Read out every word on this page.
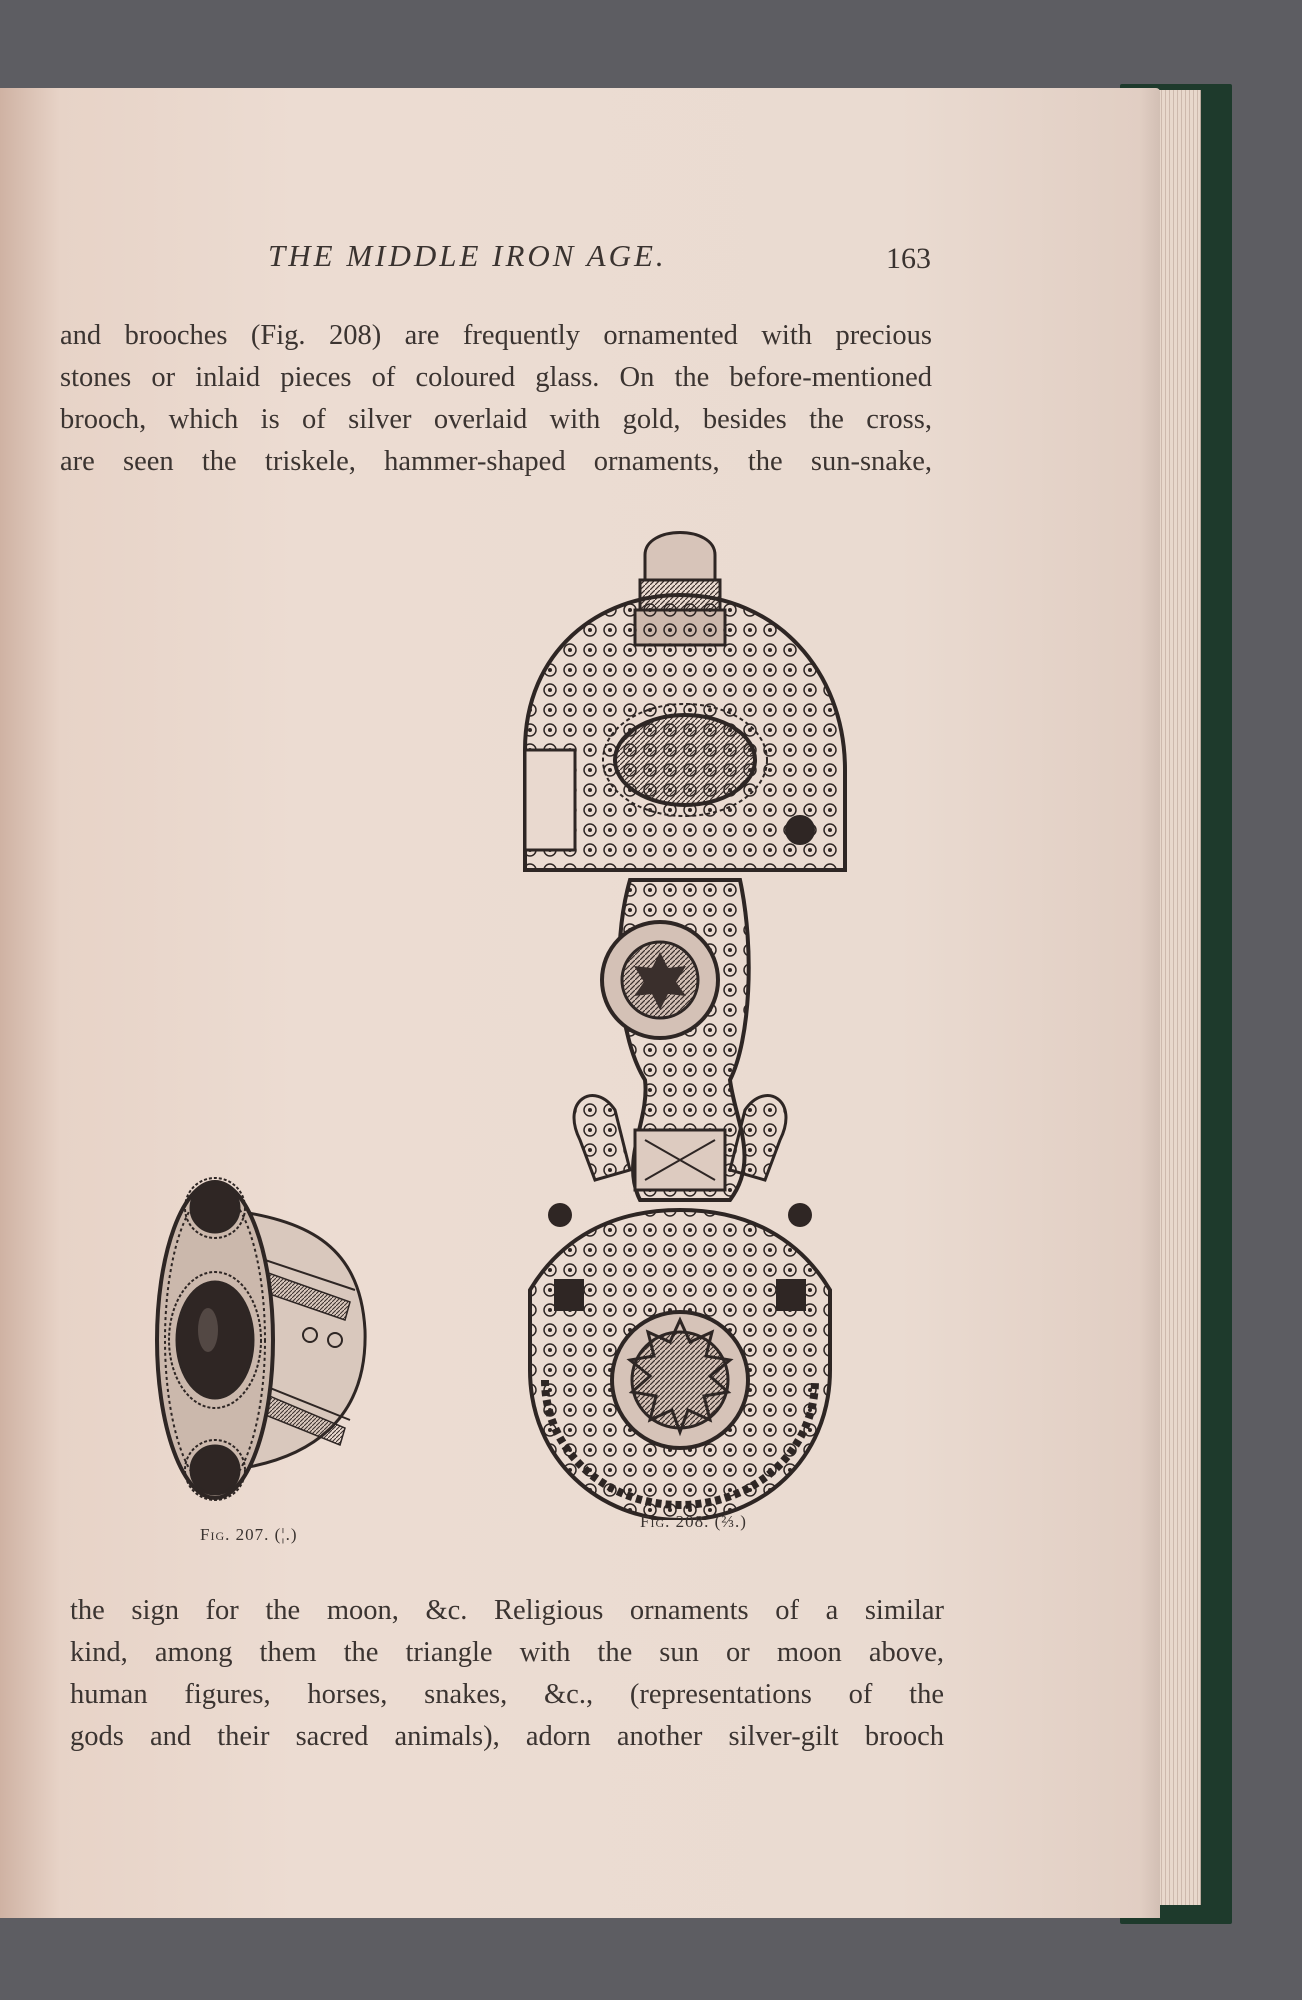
THE MIDDLE IRON AGE.	163
and brooches (Fig. 208) are frequently ornamented with precious
stones or inlaid pieces of coloured glass. On the before-mentioned
brooch, which is of silver overlaid with gold, besides the cross,
are seen the triskele, hammer-shaped ornaments, the sun-snake,
Fig. 207. (¦.)
Fig. 208. (⅔.)
the sign for the moon, &c. Religious ornaments of a similar
kind, among them the triangle with the sun or moon above,
human figures, horses, snakes, &c., (representations of the
gods and their sacred animals), adorn another silver-gilt brooch
